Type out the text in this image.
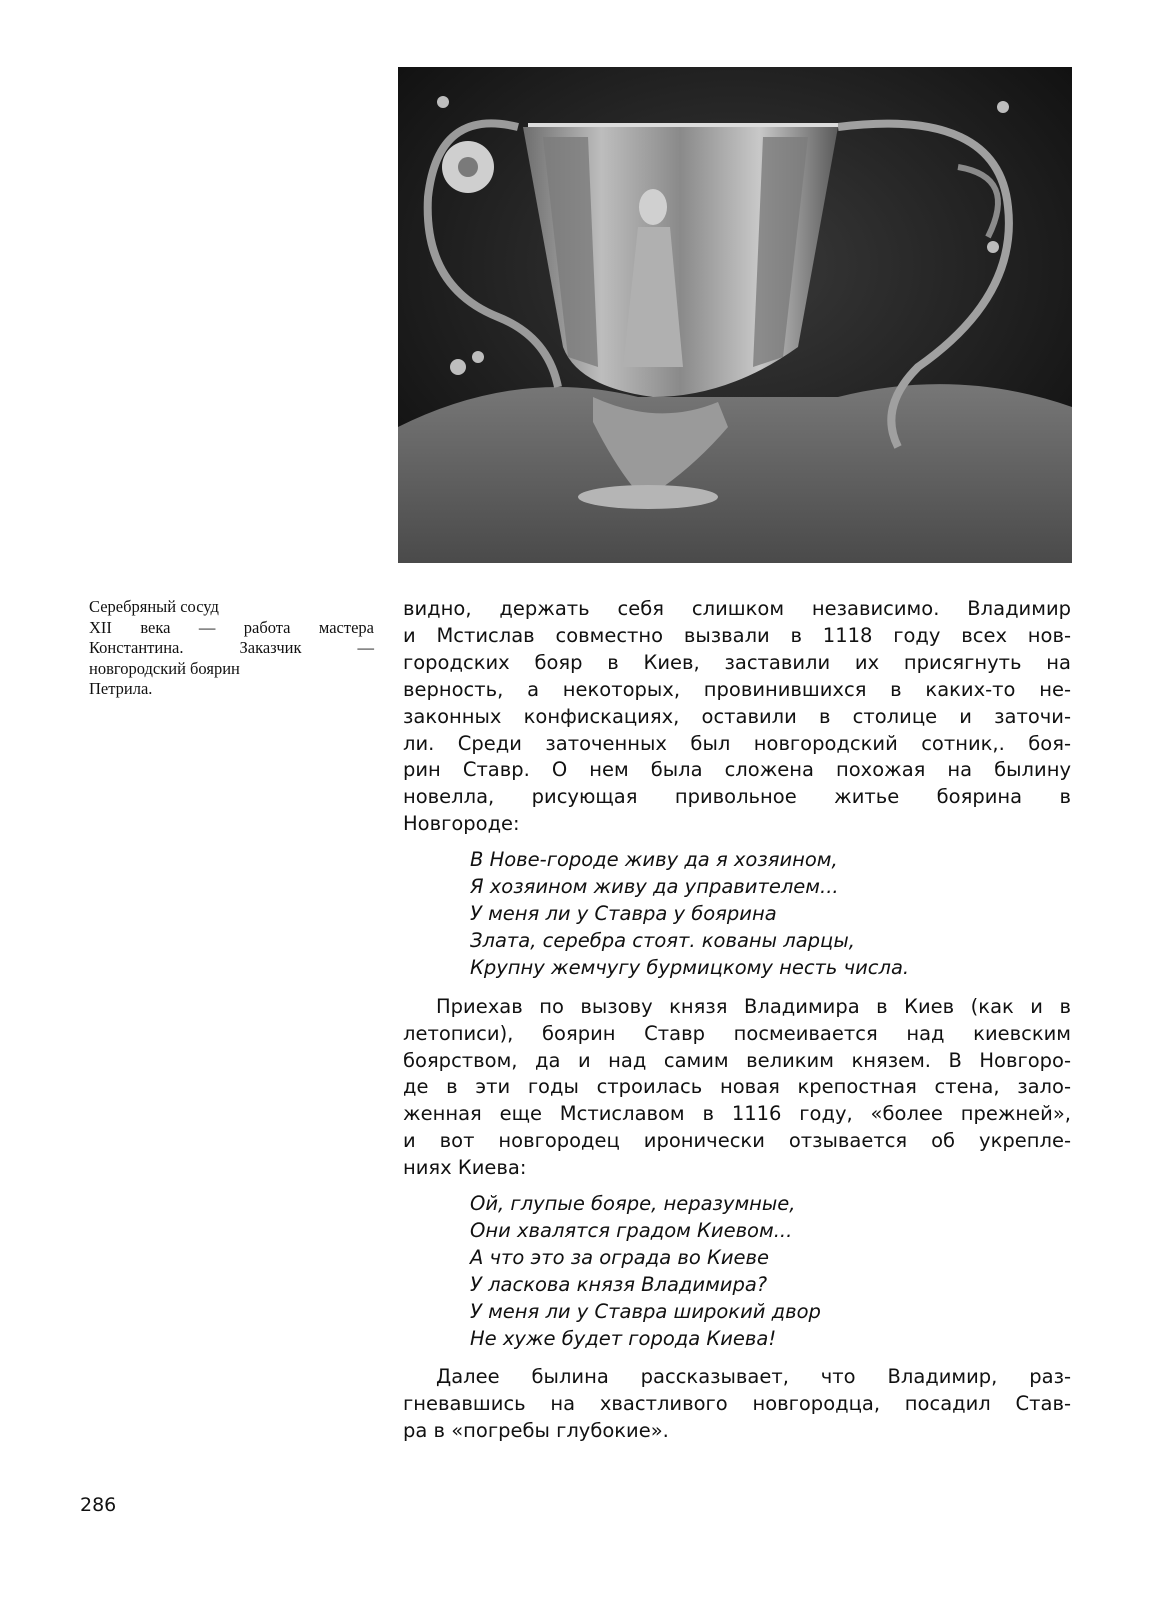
Серебряный сосуд
XII века — работа мастера
Константина. Заказчик —
новгородский боярин
Петрила.
видно, держать себя слишком независимо. Владимир
и Мстислав совместно вызвали в 1118 году всех нов-
городских бояр в Киев, заставили их присягнуть на
верность, а некоторых, провинившихся в каких-то не-
законных конфискациях, оставили в столице и заточи-
ли. Среди заточенных был новгородский сотник,. боя-
рин Ставр. О нем была сложена похожая на былину
новелла, рисующая привольное житье боярина в
Новгороде:
В Нове-городе живу да я хозяином,
Я хозяином живу да управителем...
У меня ли у Ставра у боярина
Злата, серебра стоят. кованы ларцы,
Крупну жемчугу бурмицкому несть числа.
Приехав по вызову князя Владимира в Киев (как и в
летописи), боярин Ставр посмеивается над киевским
боярством, да и над самим великим князем. В Новгоро-
де в эти годы строилась новая крепостная стена, зало-
женная еще Мстиславом в 1116 году, «более прежней»,
и вот новгородец иронически отзывается об укрепле-
ниях Киева:
Ой, глупые бояре, неразумные,
Они хвалятся градом Киевом...
А что это за ограда во Киеве
У ласкова князя Владимира?
У меня ли у Ставра широкий двор
Не хуже будет города Киева!
Далее былина рассказывает, что Владимир, раз-
гневавшись на хвастливого новгородца, посадил Став-
ра в «погребы глубокие».
286
